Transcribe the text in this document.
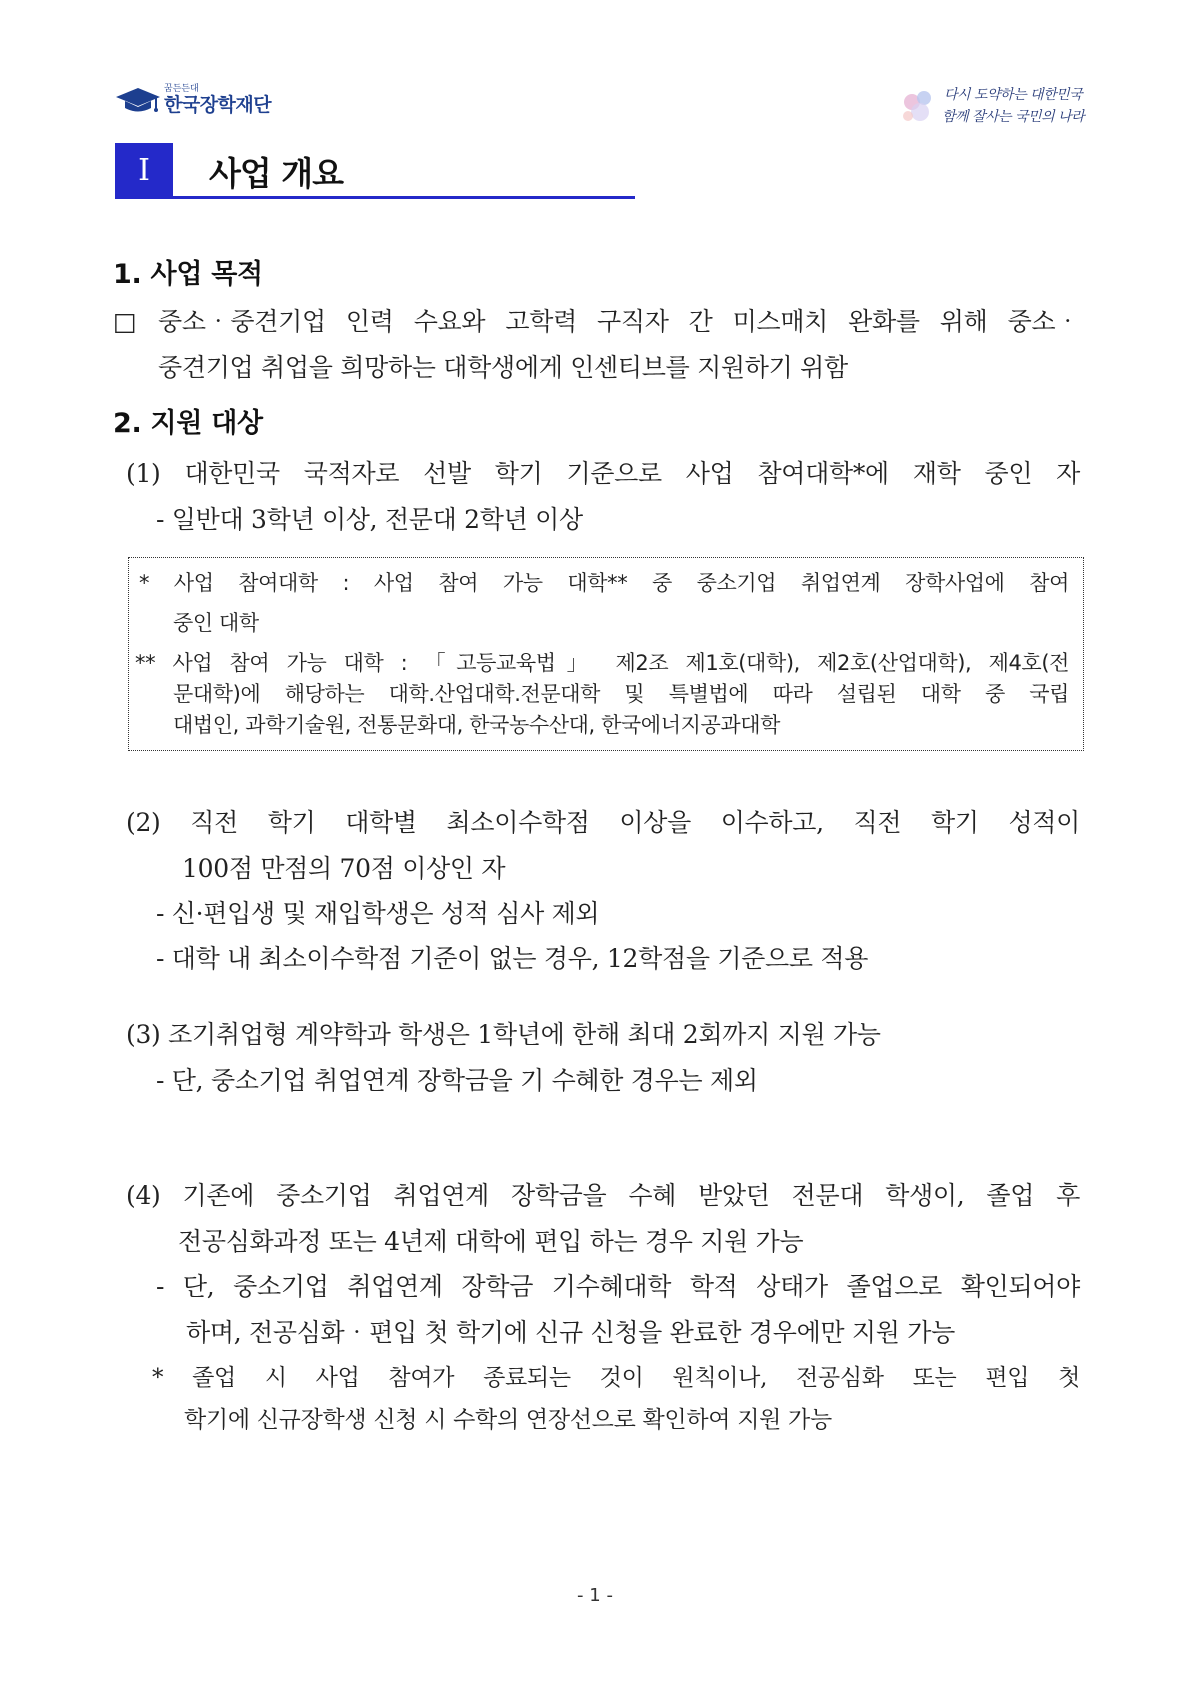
꿈든든대
한국장학재단	다시 도약하는 대한민국
함께 잘사는 국민의 나라
I	사업 개요
1. 사업 목적
□ 중소‧중견기업 인력 수요와 고학력 구직자 간 미스매치 완화를 위해 중소‧
중견기업 취업을 희망하는 대학생에게 인센티브를 지원하기 위함
2. 지원 대상
(1) 대한민국 국적자로 선발 학기 기준으로 사업 참여대학*에 재학 중인 자
- 일반대 3학년 이상, 전문대 2학년 이상
* 사업 참여대학 : 사업 참여 가능 대학** 중 중소기업 취업연계 장학사업에 참여
중인 대학
** 사업 참여 가능 대학 : 「고등교육법」 제2조 제1호(대학), 제2호(산업대학), 제4호(전
문대학)에 해당하는 대학.산업대학.전문대학 및 특별법에 따라 설립된 대학 중 국립
대법인, 과학기술원, 전통문화대, 한국농수산대, 한국에너지공과대학
(2) 직전 학기 대학별 최소이수학점 이상을 이수하고, 직전 학기 성적이
100점 만점의 70점 이상인 자
- 신·편입생 및 재입학생은 성적 심사 제외
- 대학 내 최소이수학점 기준이 없는 경우, 12학점을 기준으로 적용
(3) 조기취업형 계약학과 학생은 1학년에 한해 최대 2회까지 지원 가능
- 단, 중소기업 취업연계 장학금을 기 수혜한 경우는 제외
(4) 기존에 중소기업 취업연계 장학금을 수혜 받았던 전문대 학생이, 졸업 후
전공심화과정 또는 4년제 대학에 편입 하는 경우 지원 가능
- 단, 중소기업 취업연계 장학금 기수혜대학 학적 상태가 졸업으로 확인되어야
하며, 전공심화‧편입 첫 학기에 신규 신청을 완료한 경우에만 지원 가능
* 졸업 시 사업 참여가 종료되는 것이 원칙이나, 전공심화 또는 편입 첫
학기에 신규장학생 신청 시 수학의 연장선으로 확인하여 지원 가능
- 1 -
